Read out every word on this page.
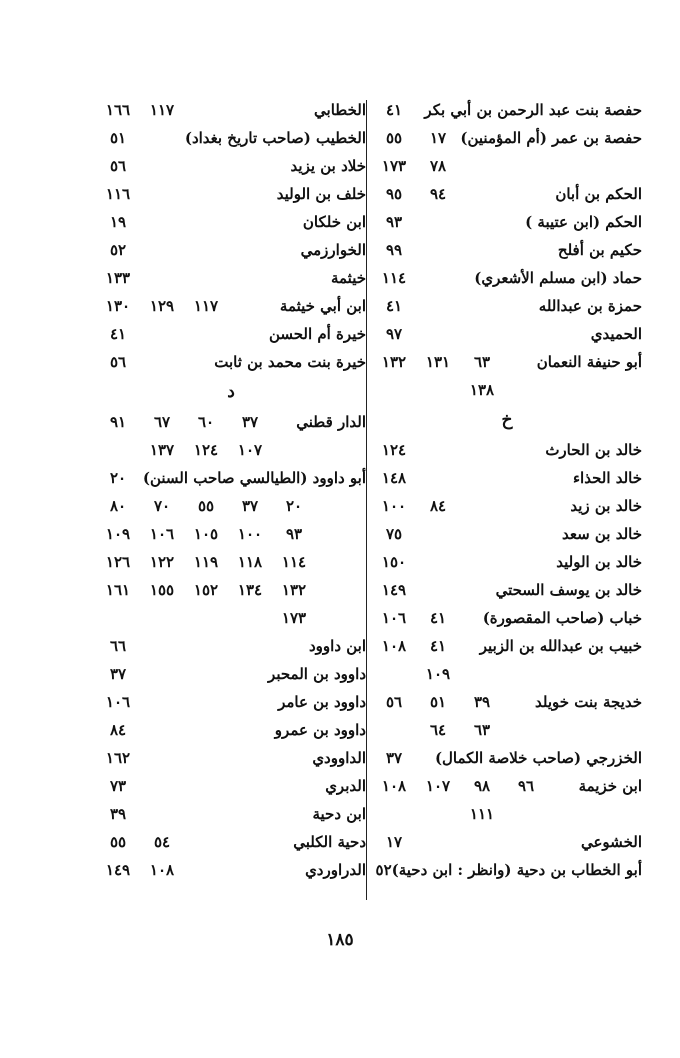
حفصة بنت عبد الرحمن بن أبي بكر
٤١
حفصة بن عمر (أم المؤمنين)
٥٥ ١٧
١٧٣ ٧٨
الحكم بن أبان
٩٥ ٩٤
الحكم (ابن عتيبة )
٩٣
حكيم بن أفلح
٩٩
حماد (ابن مسلم الأشعري)
١١٤
حمزة بن عبدالله
٤١
الحميدي
٩٧
أبو حنيفة النعمان
١٣٢ ١٣١ ٦٣
١٣٨
خ
خالد بن الحارث
١٢٤
خالد الحذاء
١٤٨
خالد بن زيد
١٠٠ ٨٤
خالد بن سعد
٧٥
خالد بن الوليد
١٥٠
خالد بن يوسف السحتي
١٤٩
خباب (صاحب المقصورة)
١٠٦ ٤١
خبيب بن عبدالله بن الزبير
١٠٨ ٤١
١٠٩
خديجة بنت خويلد
٥٦ ٥١ ٣٩
٦٤ ٦٣
الخزرجي (صاحب خلاصة الكمال)
٣٧
ابن خزيمة
١٠٨ ١٠٧ ٩٨ ٩٦
١١١
الخشوعي
١٧
أبو الخطاب بن دحية (وانظر : ابن دحية)٥٢
الخطابي
١٦٦ ١١٧
الخطيب (صاحب تاريخ بغداد)
٥١
خلاد بن يزيد
٥٦
خلف بن الوليد
١١٦
ابن خلكان
١٩
الخوارزمي
٥٢
خيثمة
١٣٣
ابن أبي خيثمة
١٣٠ ١٢٩ ١١٧
خيرة أم الحسن
٤١
خيرة بنت محمد بن ثابت
٥٦
د
الدار قطني
٩١ ٦٧ ٦٠ ٣٧
١٣٧ ١٢٤ ١٠٧
أبو داوود (الطيالسي صاحب السنن)
٢٠
٨٠ ٧٠ ٥٥ ٣٧ ٢٠
١٠٩ ١٠٦ ١٠٥ ١٠٠ ٩٣
١٢٦ ١٢٢ ١١٩ ١١٨ ١١٤
١٦١ ١٥٥ ١٥٢ ١٣٤ ١٣٢
١٧٣
ابن داوود
٦٦
داوود بن المحبر
٣٧
داوود بن عامر
١٠٦
داوود بن عمرو
٨٤
الداوودي
١٦٢
الدبري
٧٣
ابن دحية
٣٩
دحية الكلبي
٥٥ ٥٤
الدراوردي
١٤٩ ١٠٨
١٨٥
